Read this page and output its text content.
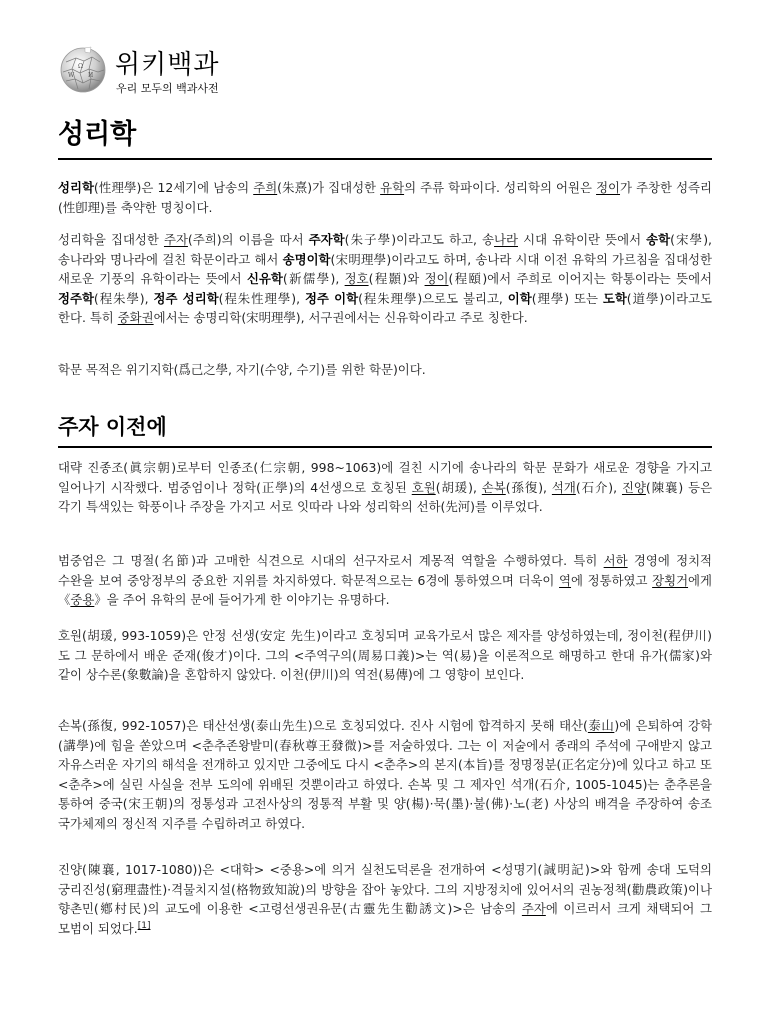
Ω
W И 위키백과
우리 모두의 백과사전
성리학

성리학(性理學)은 12세기에 남송의 주희(朱熹)가 집대성한 유학의 주류 학파이다. 성리학의 어원은 정이가 주창한 성즉리(性卽理)를 축약한 명칭이다.

성리학을 집대성한 주자(주희)의 이름을 따서 주자학(朱子學)이라고도 하고, 송나라 시대 유학이란 뜻에서 송학(宋學), 송나라와 명나라에 걸친 학문이라고 해서 송명이학(宋明理學)이라고도 하며, 송나라 시대 이전 유학의 가르침을 집대성한 새로운 기풍의 유학이라는 뜻에서 신유학(新儒學), 정호(程顥)와 정이(程頤)에서 주희로 이어지는 학통이라는 뜻에서 정주학(程朱學), 정주 성리학(程朱性理學), 정주 이학(程朱理學)으로도 불리고, 이학(理學) 또는 도학(道學)이라고도 한다. 특히 중화권에서는 송명리학(宋明理學), 서구권에서는 신유학이라고 주로 칭한다.

학문 목적은 위기지학(爲己之學, 자기(수양, 수기)를 위한 학문)이다.

주자 이전에

대략 진종조(眞宗朝)로부터 인종조(仁宗朝, 998~1063)에 걸친 시기에 송나라의 학문 문화가 새로운 경향을 가지고 일어나기 시작했다. 범중엄이나 정학(正學)의 4선생으로 호칭된 호원(胡瑗), 손복(孫復), 석개(石介), 진양(陳襄) 등은 각기 특색있는 학풍이나 주장을 가지고 서로 잇따라 나와 성리학의 선하(先河)를 이루었다.

범중엄은 그 명절(名節)과 고매한 식견으로 시대의 선구자로서 계몽적 역할을 수행하였다. 특히 서하 경영에 정치적 수완을 보여 중앙정부의 중요한 지위를 차지하였다. 학문적으로는 6경에 통하였으며 더욱이 역에 정통하였고 장횡거에게 《중용》을 주어 유학의 문에 들어가게 한 이야기는 유명하다.

호원(胡瑗, 993-1059)은 안정 선생(安定 先生)이라고 호칭되며 교육가로서 많은 제자를 양성하였는데, 정이천(程伊川)도 그 문하에서 배운 준재(俊才)이다. 그의 <주역구의(周易口義)>는 역(易)을 이론적으로 해명하고 한대 유가(儒家)와 같이 상수론(象數論)을 혼합하지 않았다. 이천(伊川)의 역전(易傳)에 그 영향이 보인다.

손복(孫復, 992-1057)은 태산선생(泰山先生)으로 호칭되었다. 진사 시험에 합격하지 못해 태산(泰山)에 은퇴하여 강학(講學)에 힘을 쏟았으며 <춘추존왕발미(春秋尊王發微)>를 저술하였다. 그는 이 저술에서 종래의 주석에 구애받지 않고 자유스러운 자기의 해석을 전개하고 있지만 그중에도 다시 <춘추>의 본지(本旨)를 정명정분(正名定分)에 있다고 하고 또 <춘추>에 실린 사실을 전부 도의에 위배된 것뿐이라고 하였다. 손복 및 그 제자인 석개(石介, 1005-1045)는 춘추론을 통하여 중국(宋王朝)의 정통성과 고전사상의 정통적 부활 및 양(楊)·묵(墨)·불(佛)·노(老) 사상의 배격을 주장하여 송조 국가체제의 정신적 지주를 수립하려고 하였다.

진양(陳襄, 1017-1080))은 <대학> <중용>에 의거 실천도덕론을 전개하여 <성명기(誠明記)>와 함께 송대 도덕의 궁리진성(窮理盡性)·격물치지설(格物致知說)의 방향을 잡아 놓았다. 그의 지방정치에 있어서의 권농정책(勸農政策)이나 향촌민(鄕村民)의 교도에 이용한 <고령선생권유문(古靈先生勸誘文)>은 남송의 주자에 이르러서 크게 채택되어 그 모범이 되었다.[1]
